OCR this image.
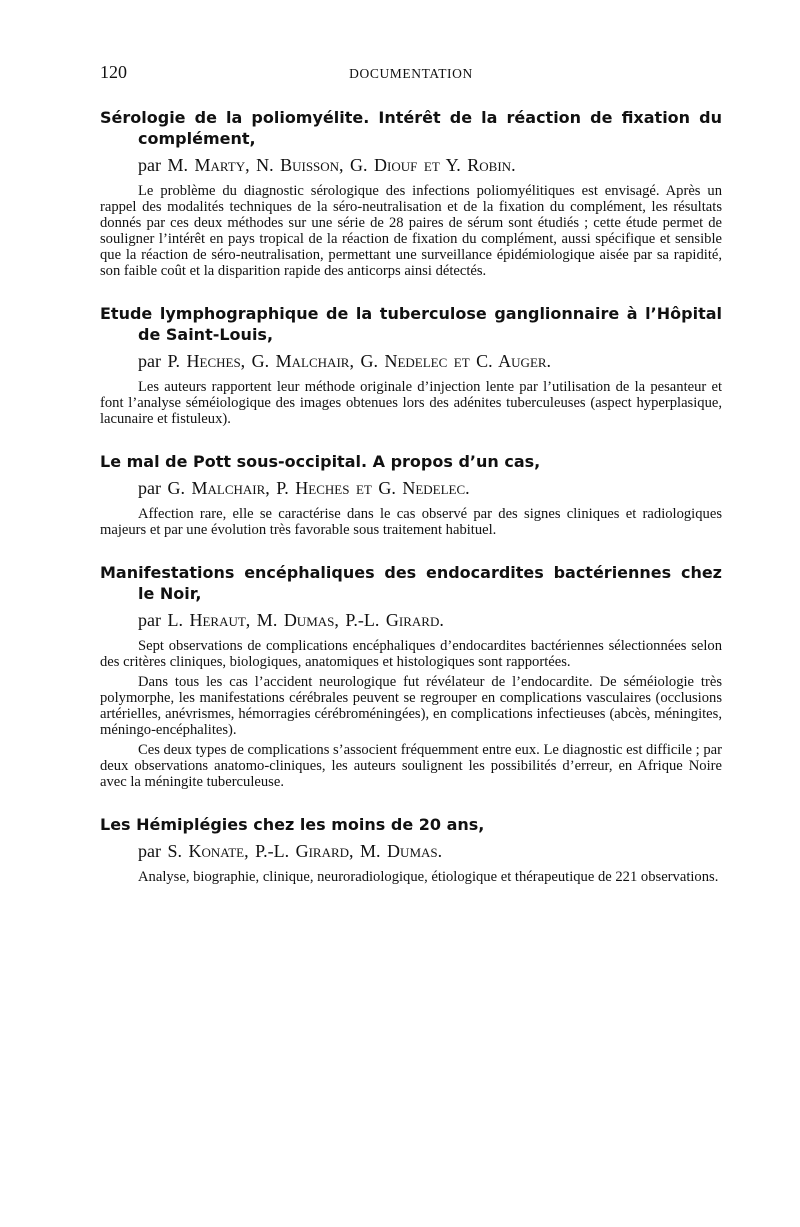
120	DOCUMENTATION

Sérologie de la poliomyélite. Intérêt de la réaction de fixation du complément,

par M. Marty, N. Buisson, G. Diouf et Y. Robin.

Le problème du diagnostic sérologique des infections poliomyélitiques est envisagé. Après un rappel des modalités techniques de la séro-neutralisation et de la fixation du complément, les résultats donnés par ces deux méthodes sur une série de 28 paires de sérum sont étudiés ; cette étude permet de souligner l’intérêt en pays tropical de la réaction de fixation du complément, aussi spécifique et sensible que la réaction de séro-neutralisation, permettant une surveillance épidémiologique aisée par sa rapidité, son faible coût et la disparition rapide des anticorps ainsi détectés.

Etude lymphographique de la tuberculose ganglionnaire à l’Hôpital de Saint-Louis,

par P. Heches, G. Malchair, G. Nedelec et C. Auger.

Les auteurs rapportent leur méthode originale d’injection lente par l’utilisation de la pesanteur et font l’analyse séméiologique des images obtenues lors des adénites tuberculeuses (aspect hyperplasique, lacunaire et fistuleux).

Le mal de Pott sous-occipital. A propos d’un cas,

par G. Malchair, P. Heches et G. Nedelec.

Affection rare, elle se caractérise dans le cas observé par des signes cliniques et radiologiques majeurs et par une évolution très favorable sous traitement habituel.

Manifestations encéphaliques des endocardites bactériennes chez le Noir,

par L. Heraut, M. Dumas, P.-L. Girard.

Sept observations de complications encéphaliques d’endocardites bactériennes sélectionnées selon des critères cliniques, biologiques, anatomiques et histologiques sont rapportées.

Dans tous les cas l’accident neurologique fut révélateur de l’endocardite. De séméiologie très polymorphe, les manifestations cérébrales peuvent se regrouper en complications vasculaires (occlusions artérielles, anévrismes, hémorragies cérébroméningées), en complications infectieuses (abcès, méningites, méningo-encéphalites).

Ces deux types de complications s’associent fréquemment entre eux. Le diagnostic est difficile ; par deux observations anatomo-cliniques, les auteurs soulignent les possibilités d’erreur, en Afrique Noire avec la méningite tuberculeuse.

Les Hémiplégies chez les moins de 20 ans,

par S. Konate, P.-L. Girard, M. Dumas.

Analyse, biographie, clinique, neuroradiologique, étiologique et thérapeutique de 221 observations.
